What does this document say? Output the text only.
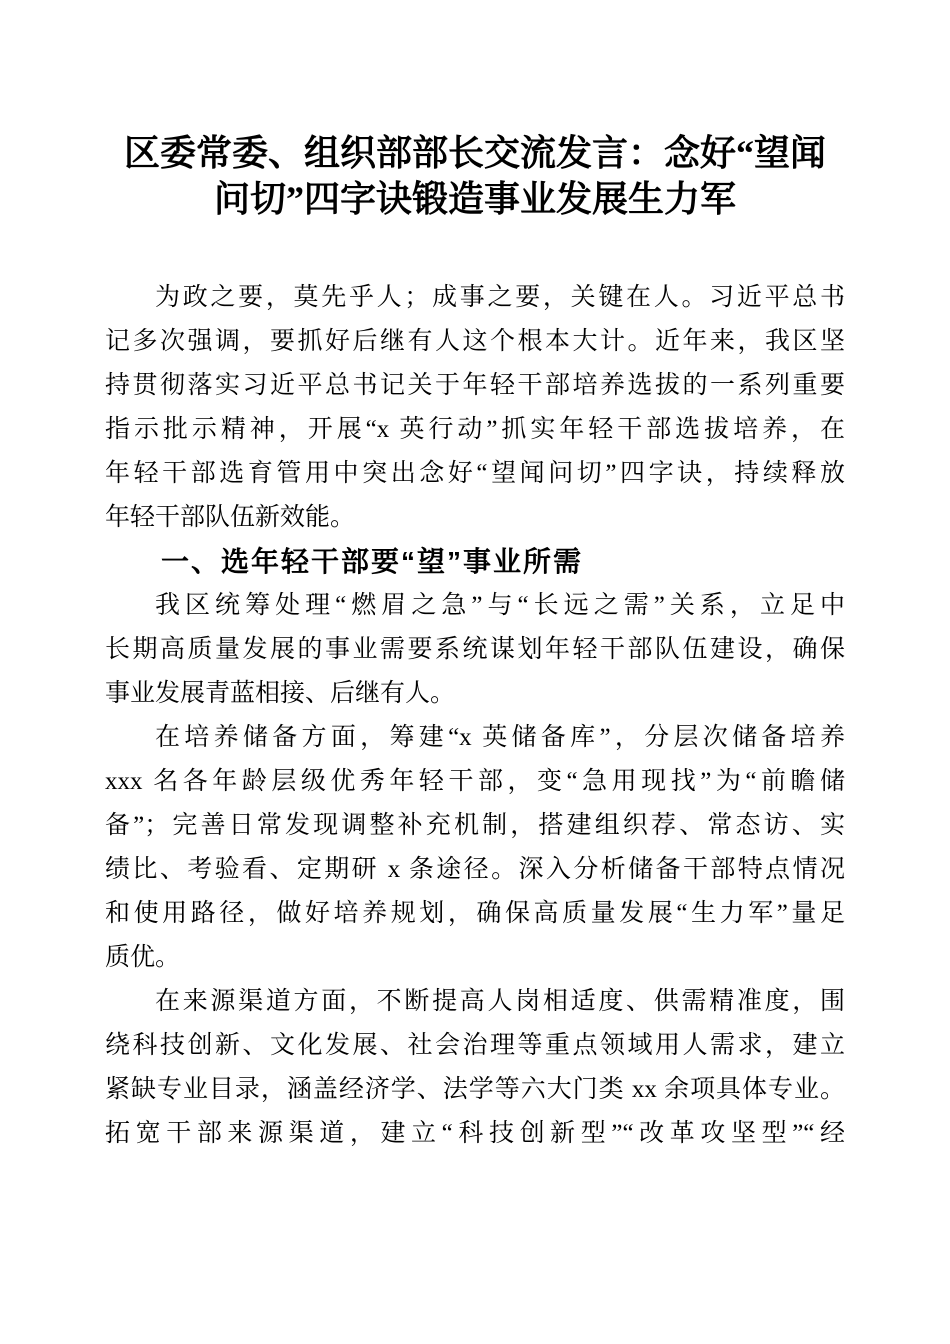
区委常委、组织部部长交流发言：念好“望闻
问切”四字诀锻造事业发展生力军
为政之要，莫先乎人；成事之要，关键在人。习近平总书
记多次强调，要抓好后继有人这个根本大计。近年来，我区坚
持贯彻落实习近平总书记关于年轻干部培养选拔的一系列重要
指示批示精神，开展“x 英行动”抓实年轻干部选拔培养，在
年轻干部选育管用中突出念好“望闻问切”四字诀，持续释放
年轻干部队伍新效能。
一、选年轻干部要“望”事业所需
我区统筹处理“燃眉之急”与“长远之需”关系，立足中
长期高质量发展的事业需要系统谋划年轻干部队伍建设，确保
事业发展青蓝相接、后继有人。
在培养储备方面，筹建“x 英储备库”，分层次储备培养
xxx 名各年龄层级优秀年轻干部，变“急用现找”为“前瞻储
备”；完善日常发现调整补充机制，搭建组织荐、常态访、实
绩比、考验看、定期研 x 条途径。深入分析储备干部特点情况
和使用路径，做好培养规划，确保高质量发展“生力军”量足
质优。
在来源渠道方面，不断提高人岗相适度、供需精准度，围
绕科技创新、文化发展、社会治理等重点领域用人需求，建立
紧缺专业目录，涵盖经济学、法学等六大门类 xx 余项具体专业。
拓宽干部来源渠道，建立“科技创新型”“改革攻坚型”“经
